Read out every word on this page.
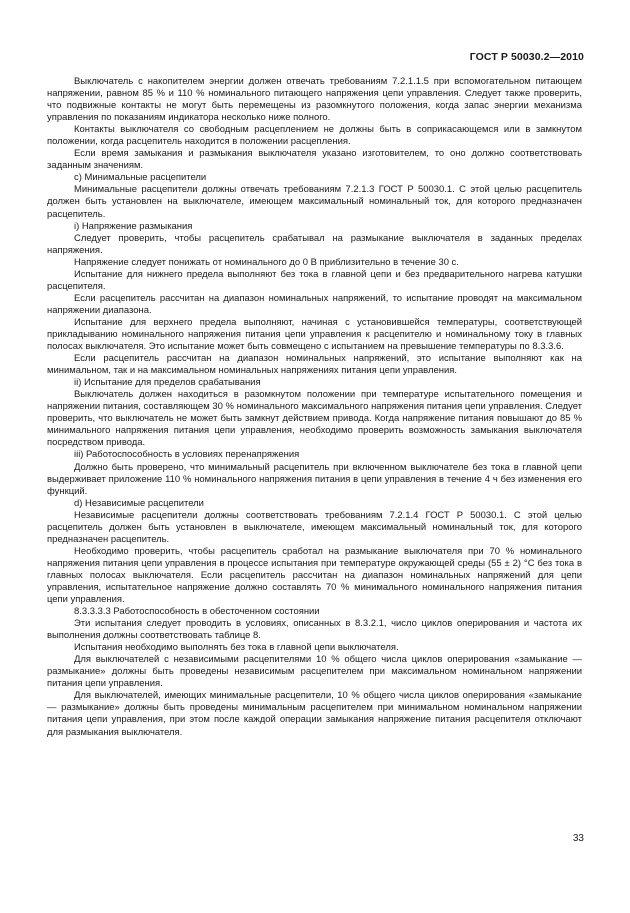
ГОСТ Р 50030.2—2010

Выключатель с накопителем энергии должен отвечать требованиям 7.2.1.1.5 при вспомогательном питающем напряжении, равном 85 % и 110 % номинального питающего напряжения цепи управления. Следует также проверить, что подвижные контакты не могут быть перемещены из разомкнутого положения, когда запас энергии механизма управления по показаниям индикатора несколько ниже полного.

Контакты выключателя со свободным расцеплением не должны быть в соприкасающемся или в замкнутом положении, когда расцепитель находится в положении расцепления.

Если время замыкания и размыкания выключателя указано изготовителем, то оно должно соответствовать заданным значениям.

c) Минимальные расцепители

Минимальные расцепители должны отвечать требованиям 7.2.1.3 ГОСТ Р 50030.1. С этой целью расцепитель должен быть установлен на выключателе, имеющем максимальный номинальный ток, для которого предназначен расцепитель.

i) Напряжение размыкания

Следует проверить, чтобы расцепитель срабатывал на размыкание выключателя в заданных пределах напряжения.

Напряжение следует понижать от номинального до 0 В приблизительно в течение 30 с.

Испытание для нижнего предела выполняют без тока в главной цепи и без предварительного нагрева катушки расцепителя.

Если расцепитель рассчитан на диапазон номинальных напряжений, то испытание проводят на максимальном напряжении диапазона.

Испытание для верхнего предела выполняют, начиная с установившейся температуры, соответствующей прикладыванию номинального напряжения питания цепи управления к расцепителю и номинальному току в главных полосах выключателя. Это испытание может быть совмещено с испытанием на превышение температуры по 8.3.3.6.

Если расцепитель рассчитан на диапазон номинальных напряжений, это испытание выполняют как на минимальном, так и на максимальном номинальных напряжениях питания цепи управления.

ii) Испытание для пределов срабатывания

Выключатель должен находиться в разомкнутом положении при температуре испытательного помещения и напряжении питания, составляющем 30 % номинального максимального напряжения питания цепи управления. Следует проверить, что выключатель не может быть замкнут действием привода. Когда напряжение питания повышают до 85 % минимального напряжения питания цепи управления, необходимо проверить возможность замыкания выключателя посредством привода.

iii) Работоспособность в условиях перенапряжения

Должно быть проверено, что минимальный расцепитель при включенном выключателе без тока в главной цепи выдерживает приложение 110 % номинального напряжения питания в цепи управления в течение 4 ч без изменения его функций.

d) Независимые расцепители

Независимые расцепители должны соответствовать требованиям 7.2.1.4 ГОСТ Р 50030.1. С этой целью расцепитель должен быть установлен в выключателе, имеющем максимальный номинальный ток, для которого предназначен расцепитель.

Необходимо проверить, чтобы расцепитель сработал на размыкание выключателя при 70 % номинального напряжения питания цепи управления в процессе испытания при температуре окружающей среды (55 ± 2) °С без тока в главных полосах выключателя. Если расцепитель рассчитан на диапазон номинальных напряжений для цепи управления, испытательное напряжение должно составлять 70 % минимального номинального напряжения питания цепи управления.

8.3.3.3.3 Работоспособность в обесточенном состоянии

Эти испытания следует проводить в условиях, описанных в 8.3.2.1, число циклов оперирования и частота их выполнения должны соответствовать таблице 8.

Испытания необходимо выполнять без тока в главной цепи выключателя.

Для выключателей с независимыми расцепителями 10 % общего числа циклов оперирования «замыкание — размыкание» должны быть проведены независимым расцепителем при максимальном номинальном напряжении питания цепи управления.

Для выключателей, имеющих минимальные расцепители, 10 % общего числа циклов оперирования «замыкание — размыкание» должны быть проведены минимальным расцепителем при минимальном номинальном напряжении питания цепи управления, при этом после каждой операции замыкания напряжение питания расцепителя отключают для размыкания выключателя.

33
